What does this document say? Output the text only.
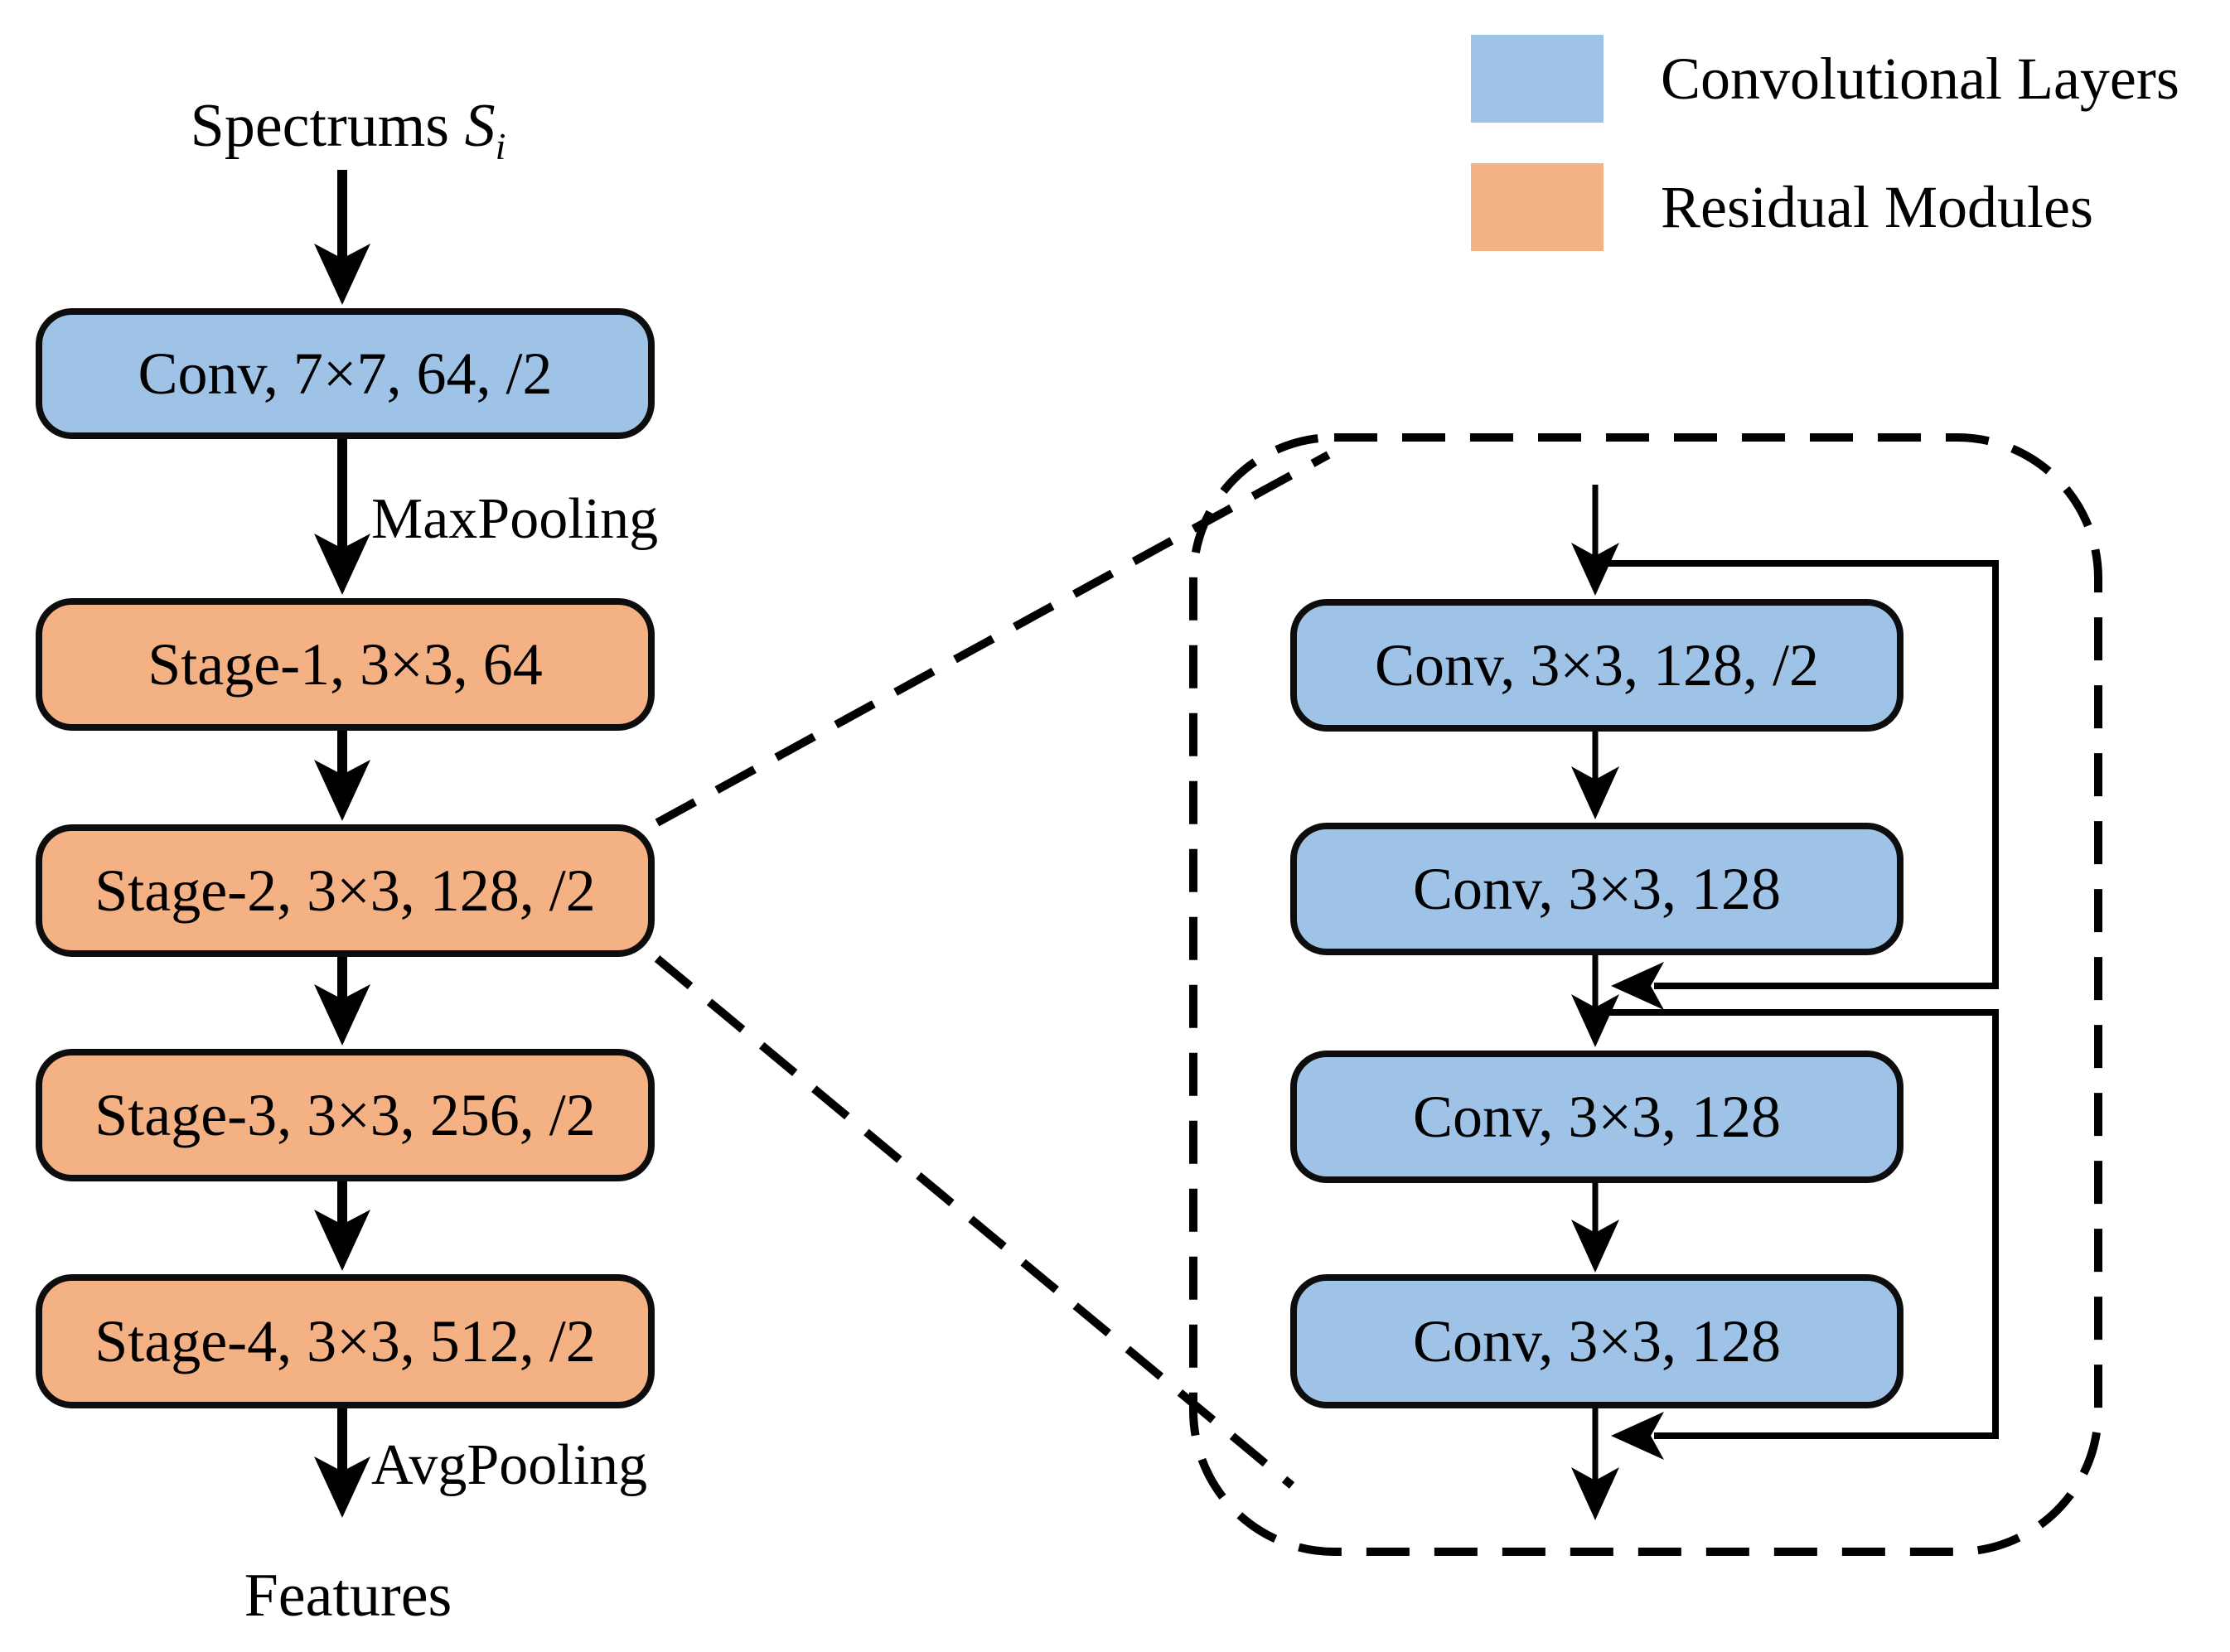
Spectrums $S_i$
Conv, 7×7, 64, /2
MaxPooling
Stage-1, 3×3, 64
Stage-2, 3×3, 128, /2
Stage-3, 3×3, 256, /2
Stage-4, 3×3, 512, /2
AvgPooling
Features
Conv, 3×3, 128, /2
Conv, 3×3, 128
Conv, 3×3, 128
Conv, 3×3, 128
Convolutional Layers
Residual Modules
